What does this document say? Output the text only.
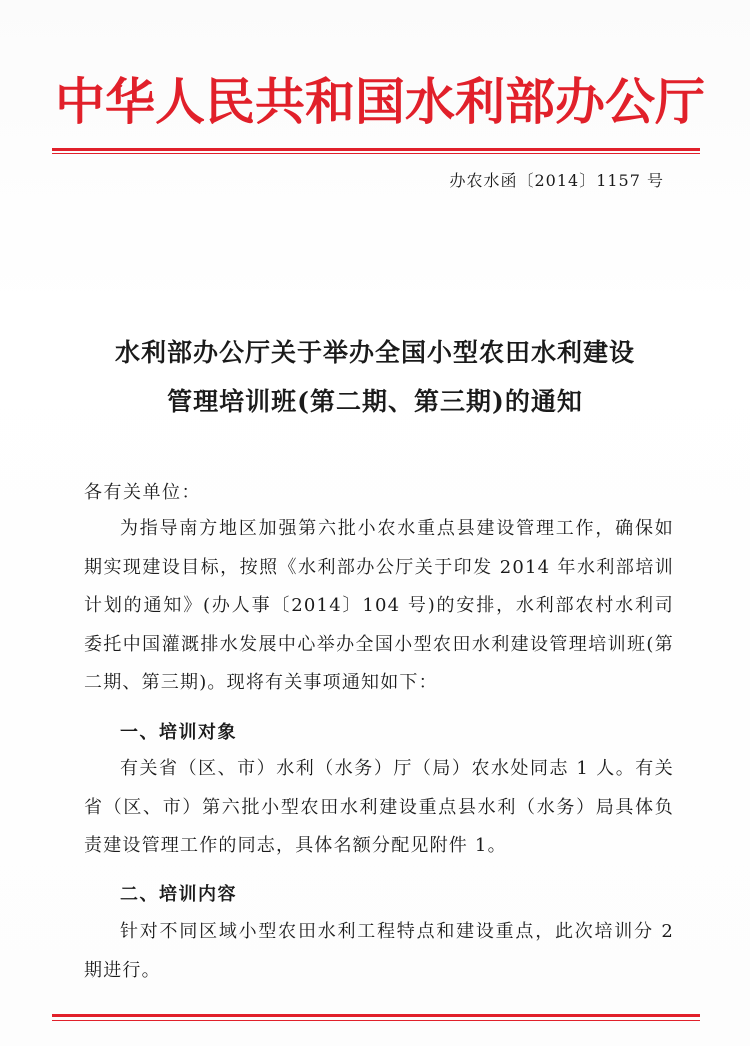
中华人民共和国水利部办公厅
办农水函〔2014〕1157 号
水利部办公厅关于举办全国小型农田水利建设
管理培训班(第二期、第三期)的通知
各有关单位：
为指导南方地区加强第六批小农水重点县建设管理工作，确保如期实现建设目标，按照《水利部办公厅关于印发 2014 年水利部培训计划的通知》(办人事〔2014〕104 号)的安排，水利部农村水利司委托中国灌溉排水发展中心举办全国小型农田水利建设管理培训班(第二期、第三期)。现将有关事项通知如下：
一、培训对象
有关省（区、市）水利（水务）厅（局）农水处同志 1 人。有关省（区、市）第六批小型农田水利建设重点县水利（水务）局具体负责建设管理工作的同志，具体名额分配见附件 1。
二、培训内容
针对不同区域小型农田水利工程特点和建设重点，此次培训分 2 期进行。
